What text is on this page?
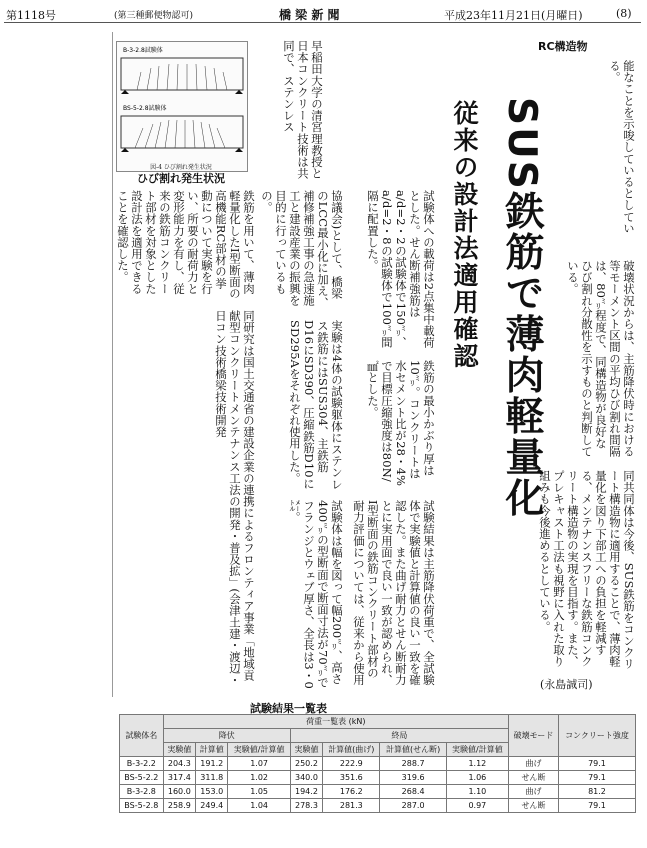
第1118号	(第三種郵便物認可)	橋 梁 新 聞	平成23年11月21日(月曜日)	(8)
RC構造物
SUS鉄筋で薄肉軽量化
従来の設計法適用確認
B-3-2.8試験体
BS-5-2.8試験体
図-4 ひび割れ発生状況
ひび割れ発生状況	早稲田大学の清宮理教授と日本コンクリート技術は共同で、ステンレス
鉄筋を用いて、薄肉軽量化したI型断面の高機能RC部材の挙動について実験を行い、所要の耐荷力と変形能力を有し、従来の鉄筋コンクリート部材を対象とした設計法を適用できることを確認した。
同研究は国土交通省の建設企業の連携によるフロンティア事業「地域貢献型コンクリートメンテナンス工法の開発・普及拡」(会津土建・渡辺・日コン技術橋梁技術開発
協議会)として、橋梁のLCC最小化に加え、補修補強工事の急速施工と建設産業の振興を目的に行っているもの。
実験は4体の試験躯体にステンレス鉄筋にはSUS304、主鉄筋D16にSD390、圧縮鉄筋D10にSD295Aをそれぞれ使用した。
試験体は幅を図って幅200㍉、高さ400㍉の型断面で断面寸法が70㍉でフランジとウェブ厚さ、全長は3・0㍍。
試験体への載荷は2点集中載荷とした。せん断補強筋はa/d=2・2の試験体で150㍉、a/d=2・8の試験体で100㍉間隔に配置した。
鉄筋の最小かぶり厚は10㍉。コンクリートは水セメント比が28・4%で目標圧縮強度は80N/㎟とした。
試験結果は主筋降伏荷重で、全試験体で実験値と計算値の良い一致を確認した。また曲げ耐力とせん断耐力とに実用面で良い一致が認められ、I型断面の鉄筋コンクリート部材の耐力評価については、従来から使用
能なことを示唆しているとしている。
破壊状況からは、主筋降伏時における等モーメント区間の平均ひび割れ間隔は、80㍉程度で、同構造物が良好なひび割れ分散性を示すものと判断している。
同共同体は今後、SUS鉄筋をコンクリート構造物に適用することで、薄肉軽量化を図り下部工への負担を軽減する、メンテナンスフリーな鉄筋コンクリート構造物の実現を目指す。また、プレキャスト工法も視野に入れた取り組みも今後進めるとしている。
(永島誠司)
試験結果一覧表
試験体名	荷重一覧表 (kN)							破壊モード	コンクリート強度
	降伏			終局					
	実験値	計算値	実験値/計算値	実験値	計算値(曲げ)	計算値(せん断)	実験値/計算値		
B-3-2.2	204.3	191.2	1.07	250.2	222.9	288.7	1.12	曲げ	79.1
BS-5-2.2	317.4	311.8	1.02	340.0	351.6	319.6	1.06	せん断	79.1
B-3-2.8	160.0	153.0	1.05	194.2	176.2	268.4	1.10	曲げ	81.2
BS-5-2.8	258.9	249.4	1.04	278.3	281.3	287.0	0.97	せん断	79.1
